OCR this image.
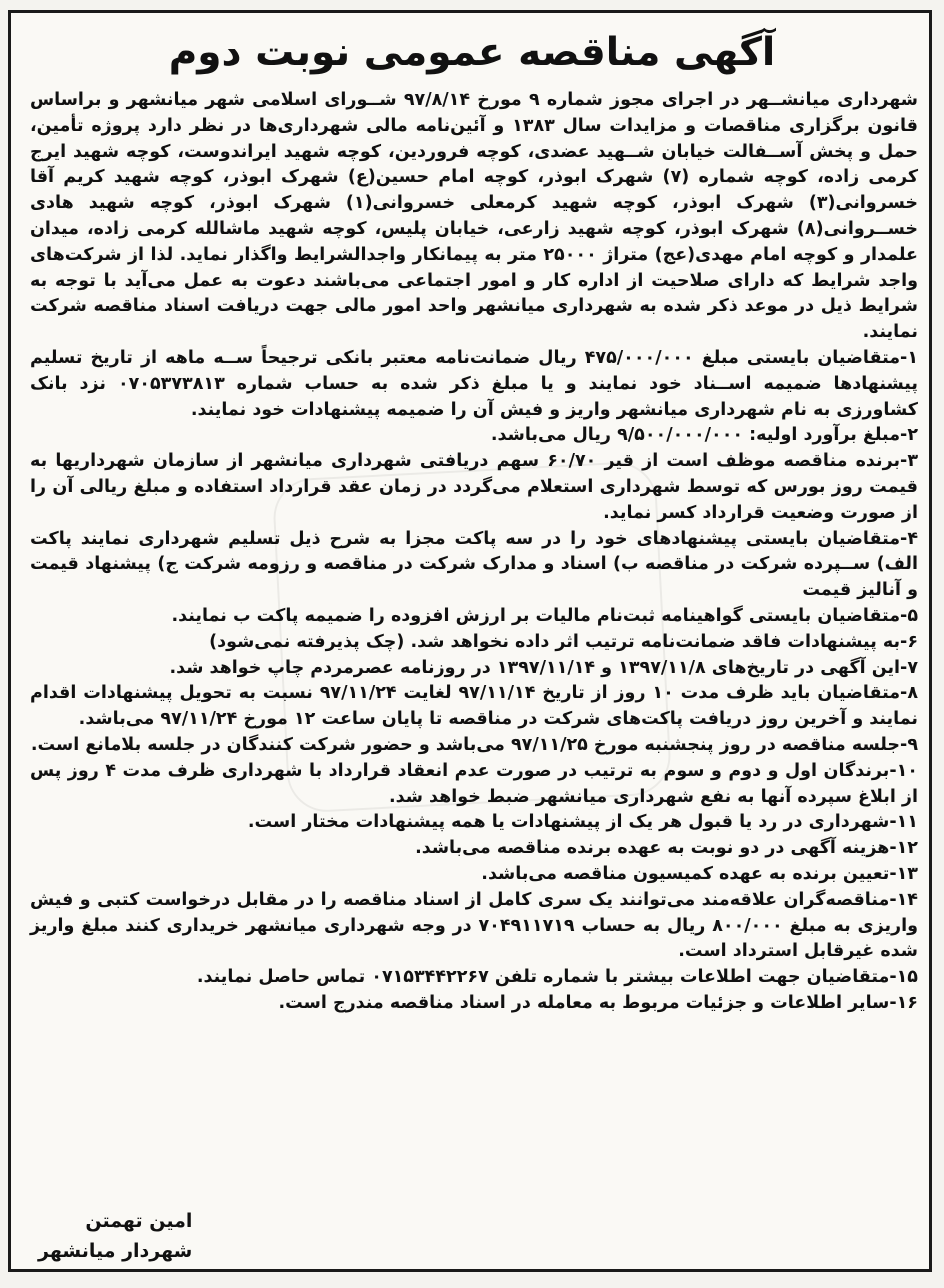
آگهی مناقصه عمومی نوبت دوم

شهرداری میانشــهر در اجرای مجوز شماره ۹ مورخ ۹۷/۸/۱۴ شــورای اسلامی شهر میانشهر و براساس قانون برگزاری مناقصات و مزایدات سال ۱۳۸۳ و آئین‌نامه مالی شهرداری‌ها در نظر دارد پروژه تأمین، حمل و پخش آســفالت خیابان شــهید عضدی، کوچه فروردین، کوچه شهید ایراندوست، کوچه شهید ایرج کرمی زاده، کوچه شماره (۷) شهرک ابوذر، کوچه امام حسین(ع) شهرک ابوذر، کوچه شهید کریم آقا خسروانی(۳) شهرک ابوذر، کوچه شهید کرمعلی خسروانی(۱) شهرک ابوذر، کوچه شهید هادی خســروانی(۸) شهرک ابوذر، کوچه شهید زارعی، خیابان پلیس، کوچه شهید ماشالله کرمی زاده، میدان علمدار و کوچه امام مهدی(عج) متراژ ۲۵۰۰۰ متر به پیمانکار واجدالشرایط واگذار نماید. لذا از شرکت‌های واجد شرایط که دارای صلاحیت از اداره کار و امور اجتماعی می‌باشند دعوت به عمل می‌آید با توجه به شرایط ذیل در موعد ذکر شده به شهرداری میانشهر واحد امور مالی جهت دریافت اسناد مناقصه شرکت نمایند.

۱-متقاضیان بایستی مبلغ ۴۷۵/۰۰۰/۰۰۰ ریال ضمانت‌نامه معتبر بانکی ترجیحاً ســه ماهه از تاریخ تسلیم پیشنهادها ضمیمه اســناد خود نمایند و یا مبلغ ذکر شده به حساب شماره ۰۷۰۵۳۷۳۸۱۳ نزد بانک کشاورزی به نام شهرداری میانشهر واریز و فیش آن را ضمیمه پیشنهادات خود نمایند.

۲-مبلغ برآورد اولیه: ۹/۵۰۰/۰۰۰/۰۰۰ ریال می‌باشد.

۳-برنده مناقصه موظف است از قیر ۶۰/۷۰ سهم دریافتی شهرداری میانشهر از سازمان شهرداریها به قیمت روز بورس که توسط شهرداری استعلام می‌گردد در زمان عقد قرارداد استفاده و مبلغ ریالی آن را از صورت وضعیت قرارداد کسر نماید.

۴-متقاضیان بایستی پیشنهادهای خود را در سه پاکت مجزا به شرح ذیل تسلیم شهرداری نمایند پاکت الف) ســپرده شرکت در مناقصه ب) اسناد و مدارک شرکت در مناقصه و رزومه شرکت ج) پیشنهاد قیمت و آنالیز قیمت

۵-متقاضیان بایستی گواهینامه ثبت‌نام مالیات بر ارزش افزوده را ضمیمه پاکت ب نمایند.

۶-به پیشنهادات فاقد ضمانت‌نامه ترتیب اثر داده نخواهد شد. (چک پذیرفته نمی‌شود)

۷-این آگهی در تاریخ‌های ۱۳۹۷/۱۱/۸ و ۱۳۹۷/۱۱/۱۴ در روزنامه عصرمردم چاپ خواهد شد.

۸-متقاضیان باید ظرف مدت ۱۰ روز از تاریخ ۹۷/۱۱/۱۴ لغایت ۹۷/۱۱/۲۴ نسبت به تحویل پیشنهادات اقدام نمایند و آخرین روز دریافت پاکت‌های شرکت در مناقصه تا پایان ساعت ۱۲ مورخ ۹۷/۱۱/۲۴ می‌باشد.

۹-جلسه مناقصه در روز پنجشنبه مورخ ۹۷/۱۱/۲۵ می‌باشد و حضور شرکت کنندگان در جلسه بلامانع است.

۱۰-برندگان اول و دوم و سوم به ترتیب در صورت عدم انعقاد قرارداد با شهرداری ظرف مدت ۴ روز پس از ابلاغ سپرده آنها به نفع شهرداری میانشهر ضبط خواهد شد.

۱۱-شهرداری در رد یا قبول هر یک از پیشنهادات یا همه پیشنهادات مختار است.

۱۲-هزینه آگهی در دو نوبت به عهده برنده مناقصه می‌باشد.

۱۳-تعیین برنده به عهده کمیسیون مناقصه می‌باشد.

۱۴-مناقصه‌گران علاقه‌مند می‌توانند یک سری کامل از اسناد مناقصه را در مقابل درخواست کتبی و فیش واریزی به مبلغ ۸۰۰/۰۰۰ ریال به حساب ۷۰۴۹۱۱۷۱۹ در وجه شهرداری میانشهر خریداری کنند مبلغ واریز شده غیرقابل استرداد است.

۱۵-متقاضیان جهت اطلاعات بیشتر با شماره تلفن ۰۷۱۵۳۴۴۲۲۶۷ تماس حاصل نمایند.

۱۶-سایر اطلاعات و جزئیات مربوط به معامله در اسناد مناقصه مندرج است.

امین تهمتن
شهردار میانشهر
